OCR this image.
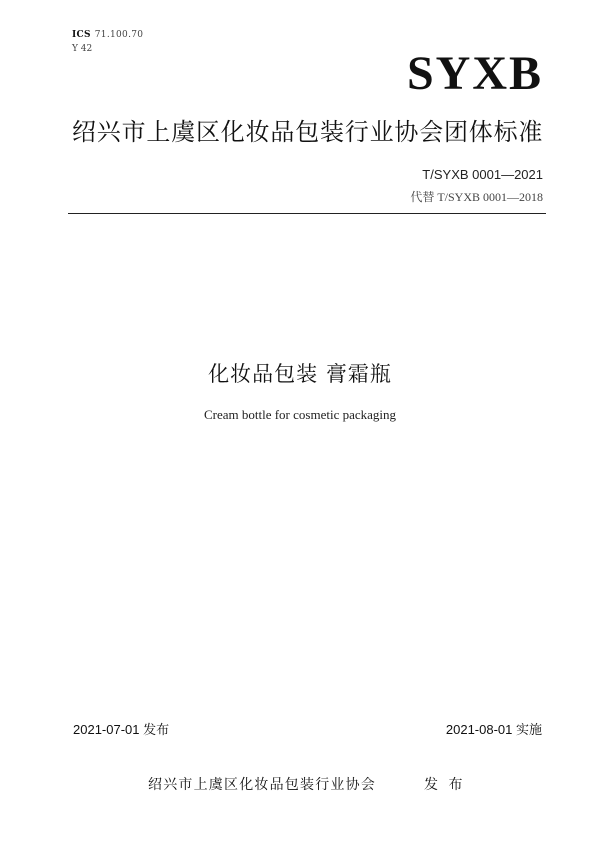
ICS 71.100.70

Y 42	SYXB
绍兴市上虞区化妆品包装行业协会团体标准
T/SYXB 0001—2021
代替 T/SYXB 0001—2018
化妆品包装 膏霜瓶
Cream bottle for cosmetic packaging
2021-07-01 发布	2021-08-01 实施
绍兴市上虞区化妆品包装行业协会	发 布
